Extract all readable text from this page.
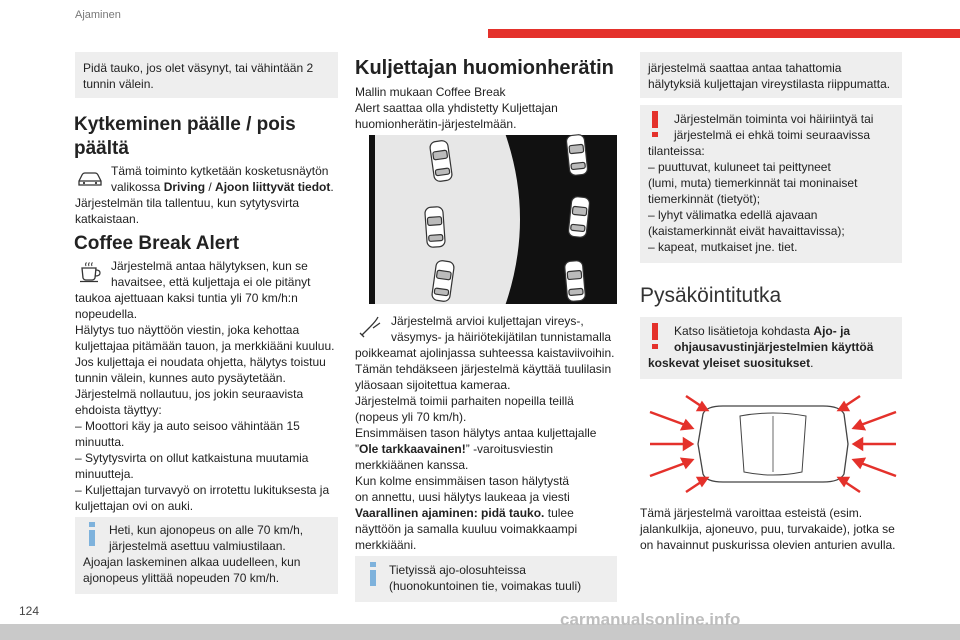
Ajaminen
124	carmanualsonline.info
Pidä tauko, jos olet väsynyt, tai vähintään 2 tunnin välein.
Kytkeminen päälle / pois
päältä
Tämä toiminto kytketään kosketusnäytön
valikossa Driving / Ajoon liittyvät tiedot.
Järjestelmän tila tallentuu, kun sytytysvirta
katkaistaan.
Coffee Break Alert
Järjestelmä antaa hälytyksen, kun se
havaitsee, että kuljettaja ei ole pitänyt
taukoa ajettuaan kaksi tuntia yli 70 km/h:n
nopeudella.
Hälytys tuo näyttöön viestin, joka kehottaa
kuljettajaa pitämään tauon, ja merkkiääni kuuluu.
Jos kuljettaja ei noudata ohjetta, hälytys toistuu
tunnin välein, kunnes auto pysäytetään.
Järjestelmä nollautuu, jos jokin seuraavista
ehdoista täyttyy:
– Moottori käy ja auto seisoo vähintään 15
minuutta.
– Sytytysvirta on ollut katkaistuna muutamia
minuutteja.
– Kuljettajan turvavyö on irrotettu lukituksesta ja
kuljettajan ovi on auki.
Heti, kun ajonopeus on alle 70 km/h,
järjestelmä asettuu valmiustilaan.
Ajoajan laskeminen alkaa uudelleen, kun
ajonopeus ylittää nopeuden 70 km/h.
Kuljettajan huomionherätin
Mallin mukaan Coffee Break
Alert saattaa olla yhdistetty Kuljettajan
huomionherätin-järjestelmään.
Järjestelmä arvioi kuljettajan vireys-,
väsymys- ja häiriötekijätilan tunnistamalla
poikkeamat ajolinjassa suhteessa kaistaviivoihin.
Tämän tehdäkseen järjestelmä käyttää tuulilasin
yläosaan sijoitettua kameraa.
Järjestelmä toimii parhaiten nopeilla teillä
(nopeus yli 70 km/h).
Ensimmäisen tason hälytys antaa kuljettajalle
”Ole tarkkaavainen!” -varoitusviestin
merkkiäänen kanssa.
Kun kolme ensimmäisen tason hälytystä
on annettu, uusi hälytys laukeaa ja viesti
Vaarallinen ajaminen: pidä tauko. tulee
näyttöön ja samalla kuuluu voimakkaampi
merkkiääni.
Tietyissä ajo-olosuhteissa
(huonokuntoinen tie, voimakas tuuli)
järjestelmä saattaa antaa tahattomia
hälytyksiä kuljettajan vireystilasta riippumatta.
Järjestelmän toiminta voi häiriintyä tai
järjestelmä ei ehkä toimi seuraavissa
tilanteissa:
– puuttuvat, kuluneet tai peittyneet
(lumi, muta) tiemerkinnät tai moninaiset
tiemerkinnät (tietyöt);
– lyhyt välimatka edellä ajavaan
(kaistamerkinnät eivät havaittavissa);
– kapeat, mutkaiset jne. tiet.
Pysäköintitutka
Katso lisätietoja kohdasta Ajo- ja
ohjausavustinjärjestelmien käyttöä
koskevat yleiset suositukset.
Tämä järjestelmä varoittaa esteistä (esim.
jalankulkija, ajoneuvo, puu, turvakaide), jotka se
on havainnut puskurissa olevien anturien avulla.
